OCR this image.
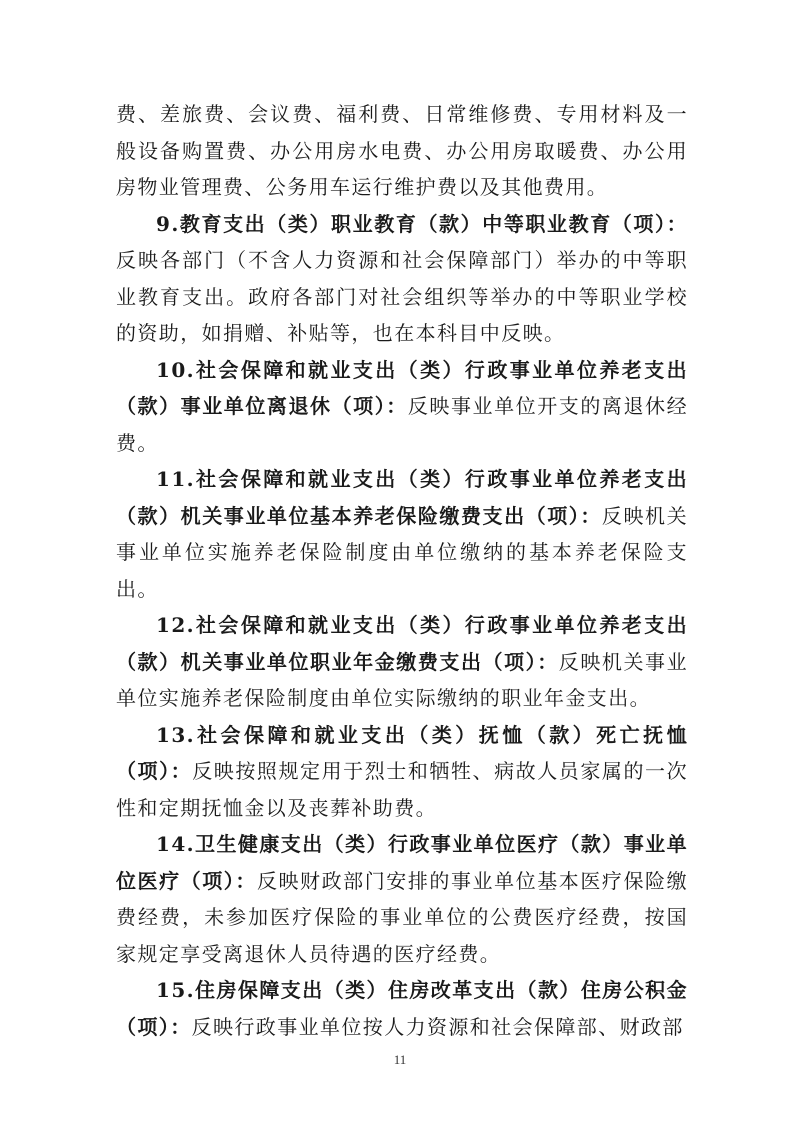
费、差旅费、会议费、福利费、日常维修费、专用材料及一般设备购置费、办公用房水电费、办公用房取暖费、办公用房物业管理费、公务用车运行维护费以及其他费用。

9.教育支出（类）职业教育（款）中等职业教育（项）：反映各部门（不含人力资源和社会保障部门）举办的中等职业教育支出。政府各部门对社会组织等举办的中等职业学校的资助，如捐赠、补贴等，也在本科目中反映。

10.社会保障和就业支出（类）行政事业单位养老支出（款）事业单位离退休（项）：反映事业单位开支的离退休经费。

11.社会保障和就业支出（类）行政事业单位养老支出（款）机关事业单位基本养老保险缴费支出（项）：反映机关事业单位实施养老保险制度由单位缴纳的基本养老保险支出。

12.社会保障和就业支出（类）行政事业单位养老支出（款）机关事业单位职业年金缴费支出（项）：反映机关事业单位实施养老保险制度由单位实际缴纳的职业年金支出。

13.社会保障和就业支出（类）抚恤（款）死亡抚恤（项）：反映按照规定用于烈士和牺牲、病故人员家属的一次性和定期抚恤金以及丧葬补助费。

14.卫生健康支出（类）行政事业单位医疗（款）事业单位医疗（项）：反映财政部门安排的事业单位基本医疗保险缴费经费，未参加医疗保险的事业单位的公费医疗经费，按国家规定享受离退休人员待遇的医疗经费。

15.住房保障支出（类）住房改革支出（款）住房公积金（项）：反映行政事业单位按人力资源和社会保障部、财政部

11
